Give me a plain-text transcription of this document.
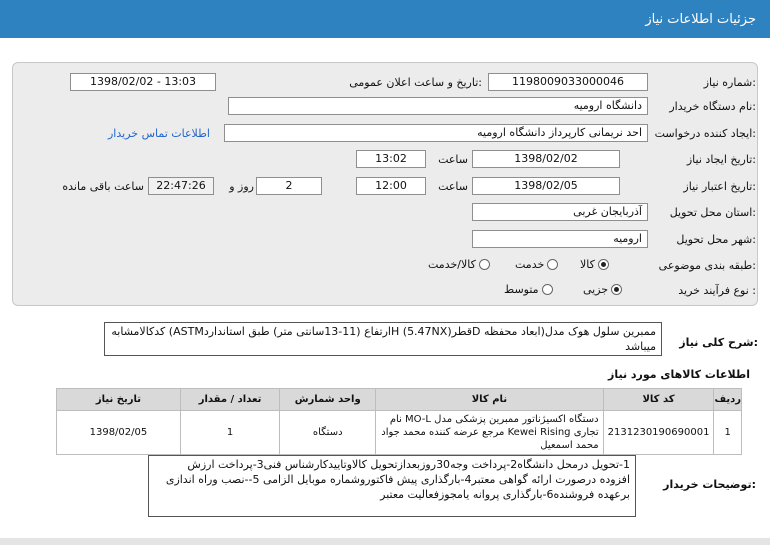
جزئیات اطلاعات نیاز
شماره نیاز:
1198009033000046
تاریخ و ساعت اعلان عمومی:
1398/02/02 - 13:03
نام دستگاه خریدار:
دانشگاه ارومیه
ایجاد کننده درخواست:
احد نریمانی کارپرداز دانشگاه ارومیه
اطلاعات تماس خریدار
تاریخ ایجاد نیاز:
1398/02/02
ساعت
13:02
تاریخ اعتبار نیاز:
1398/02/05
ساعت
12:00
2
روز و
22:47:26
ساعت باقی مانده
استان محل تحویل:
آذربایجان غربی
شهر محل تحویل:
ارومیه
طبقه بندی موضوعی:
کالا
خدمت
کالا/خدمت
نوع فرآیند خرید :
جزیی
متوسط
شرح کلی نیاز:
ممبرین سلول هوک مدل(ابعاد محفظه Dقطر(5.47NX) Hارتفاع (11-13سانتی متر) طبق استانداردASTM) کدکالامشابه میباشد
اطلاعات کالاهای مورد نیاز
ردیف	کد کالا	نام کالا	واحد شمارش	تعداد / مقدار	تاریخ نیاز
1	2131230190690001	دستگاه اکسیژناتور ممبرین پزشکی مدل MO-L نام تجاری Kewei Rising مرجع عرضه کننده محمد جواد محمد اسمعیل	دستگاه	1	1398/02/05
توضیحات خریدار:
1-تحویل درمحل دانشگاه2-پرداخت وجه30روزبعدازتحویل کالاوتاییدکارشناس فنی3-پرداخت ارزش افزوده درصورت ارائه گواهی معتبر4-بارگذاری پیش فاکتوروشماره موبایل الزامی 5--نصب وراه اندازی برعهده فروشنده6-بارگذاری پروانه یامجوزفعالیت معتبر
